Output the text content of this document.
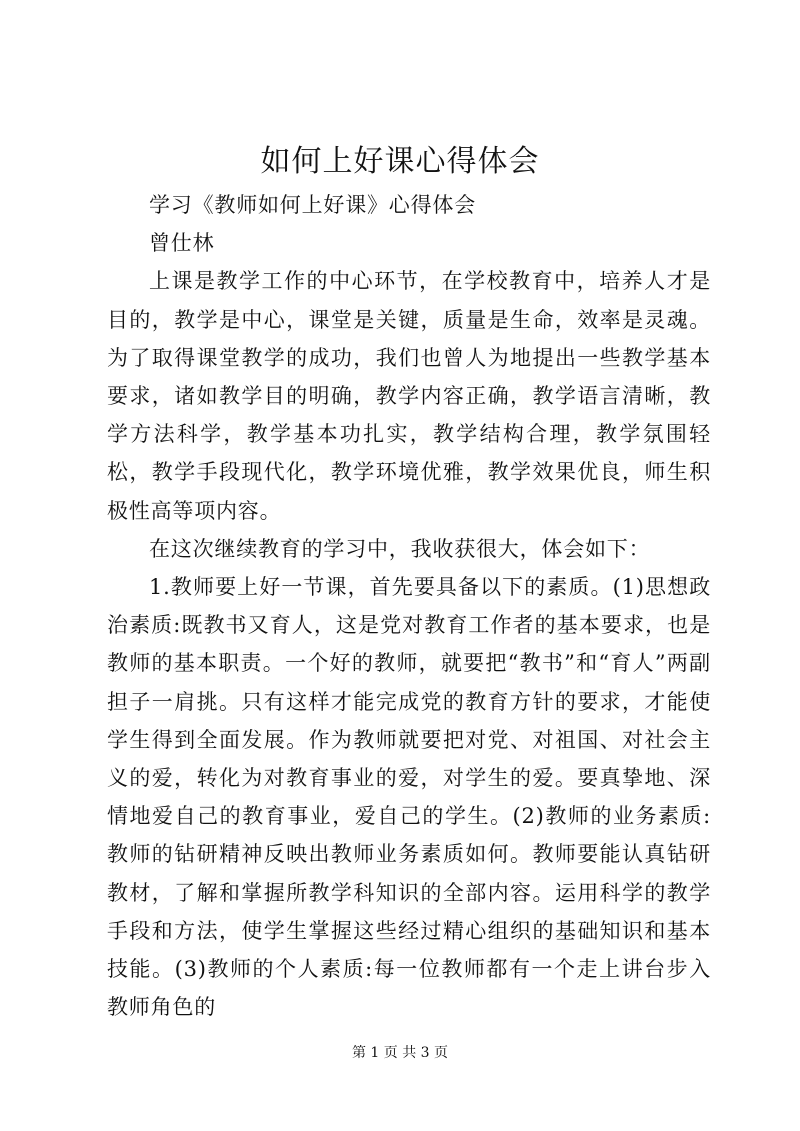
如何上好课心得体会

学习《教师如何上好课》心得体会

曾仕林

上课是教学工作的中心环节，在学校教育中，培养人才是目的，教学是中心，课堂是关键，质量是生命，效率是灵魂。为了取得课堂教学的成功，我们也曾人为地提出一些教学基本要求，诸如教学目的明确，教学内容正确，教学语言清晰，教学方法科学，教学基本功扎实，教学结构合理，教学氛围轻松，教学手段现代化，教学环境优雅，教学效果优良，师生积极性高等项内容。

在这次继续教育的学习中，我收获很大，体会如下：

1.教师要上好一节课，首先要具备以下的素质。(1)思想政治素质:既教书又育人，这是党对教育工作者的基本要求，也是教师的基本职责。一个好的教师，就要把“教书”和“育人”两副担子一肩挑。只有这样才能完成党的教育方针的要求，才能使学生得到全面发展。作为教师就要把对党、对祖国、对社会主义的爱，转化为对教育事业的爱，对学生的爱。要真挚地、深情地爱自己的教育事业，爱自己的学生。(2)教师的业务素质:教师的钻研精神反映出教师业务素质如何。教师要能认真钻研教材，了解和掌握所教学科知识的全部内容。运用科学的教学手段和方法，使学生掌握这些经过精心组织的基础知识和基本技能。(3)教师的个人素质:每一位教师都有一个走上讲台步入教师角色的

第 1 页 共 3 页
